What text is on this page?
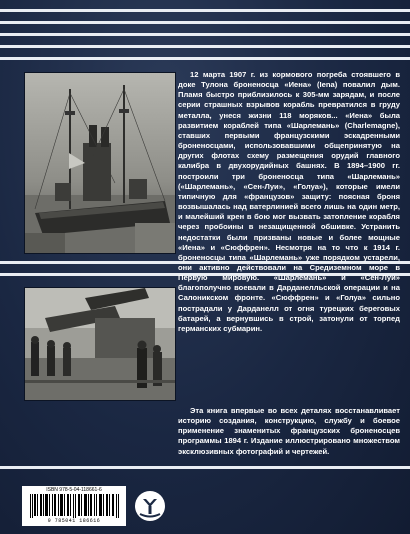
12 марта 1907 г. из кормового погреба стоявшего в доке Тулона броненосца «Иена» (Iena) повалил дым. Пламя быстро приблизилось к 305-мм зарядам, и после серии страшных взрывов корабль превратился в груду металла, унеся жизни 118 моряков... «Иена» была развитием кораблей типа «Шарлемань» (Charlemagne), ставших первыми французскими эскадренными броненосцами, использовавшими общепринятую на других флотах схему размещения орудий главного калибра в двухорудийных башнях. В 1894–1900 гг. построили три броненосца типа «Шарлемань» («Шарлемань», «Сен-Луи», «Голуа»), которые имели типичную для «французов» защиту: поясная броня возвышалась над ватерлинией всего лишь на один метр, и малейший крен в бою мог вызвать затопление корабля через пробоины в незащищенной обшивке. Устранить недостатки были призваны новые и более мощные «Иена» и «Сюффрен». Несмотря на то что к 1914 г. броненосцы типа «Шарлемань» уже порядком устарели, они активно действовали на Средиземном море в Первую мировую. «Шарлемань» и «Сен-Луи» благополучно воевали в Дарданелльской операции и на Салоникском фронте. «Сюффрен» и «Голуа» сильно пострадали у Дарданелл от огня турецких береговых батарей, а вернувшись в строй, затонули от торпед германских субмарин.

Эта книга впервые во всех деталях восстанавливает историю создания, конструкцию, службу и боевое применение знаменитых французских броненосцев программы 1894 г. Издание иллюстрировано множеством эксклюзивных фотографий и чертежей.

ISBN 978-5-04-118661-6
9 785041 186616
